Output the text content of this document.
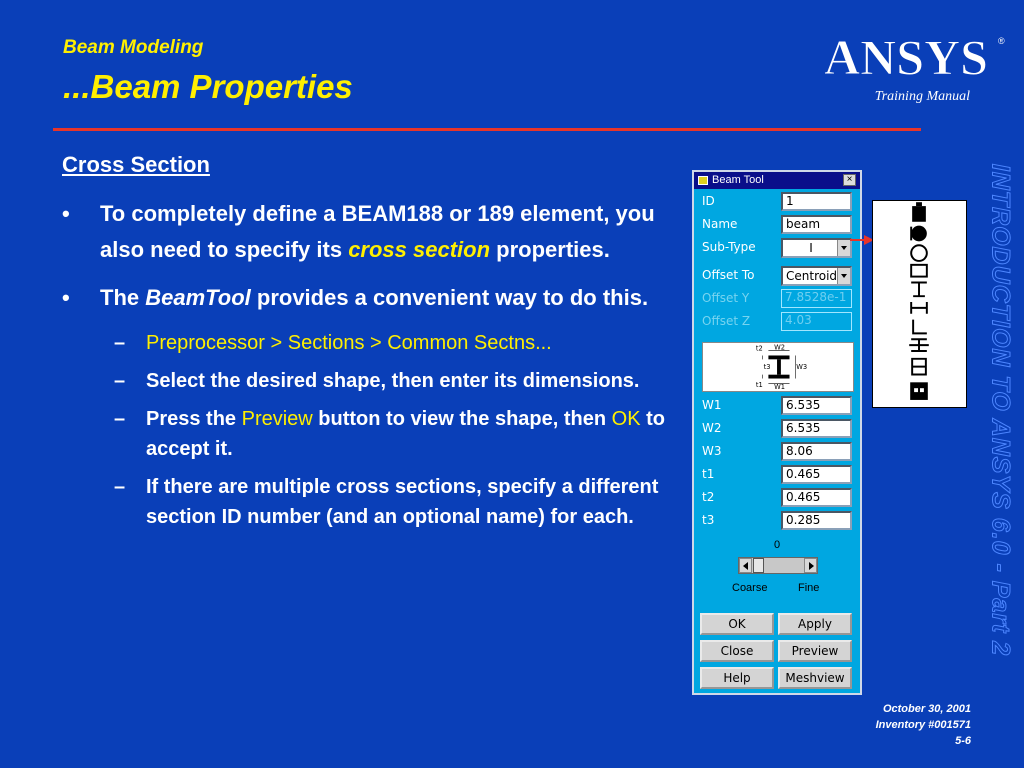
Beam Modeling
...Beam Properties
ANSYS ®
Training Manual
Cross Section
• To completely define a BEAM188 or 189 element, you also need to specify its cross section properties.
• The BeamTool provides a convenient way to do this.
– Preprocessor > Sections > Common Sectns...
– Select the desired shape, then enter its dimensions.
– Press the Preview button to view the shape, then OK to accept it.
– If there are multiple cross sections, specify a different section ID number (and an optional name) for each.
Beam Tool	×
ID	1
Name	beam
Sub-Type	I
Offset To	Centroid
Offset Y	7.8528e-1
Offset Z	4.03
t2 W2
t3	W3
t1 W1
W1	6.535
W2	6.535
W3	8.06
t1	0.465
t2	0.465
t3	0.285
0
Coarse	Fine
OK	Apply
Close	Preview
Help	Meshview
INTRODUCTION TO ANSYS 6.0 - Part 2
October 30, 2001
Inventory #001571
5-6
